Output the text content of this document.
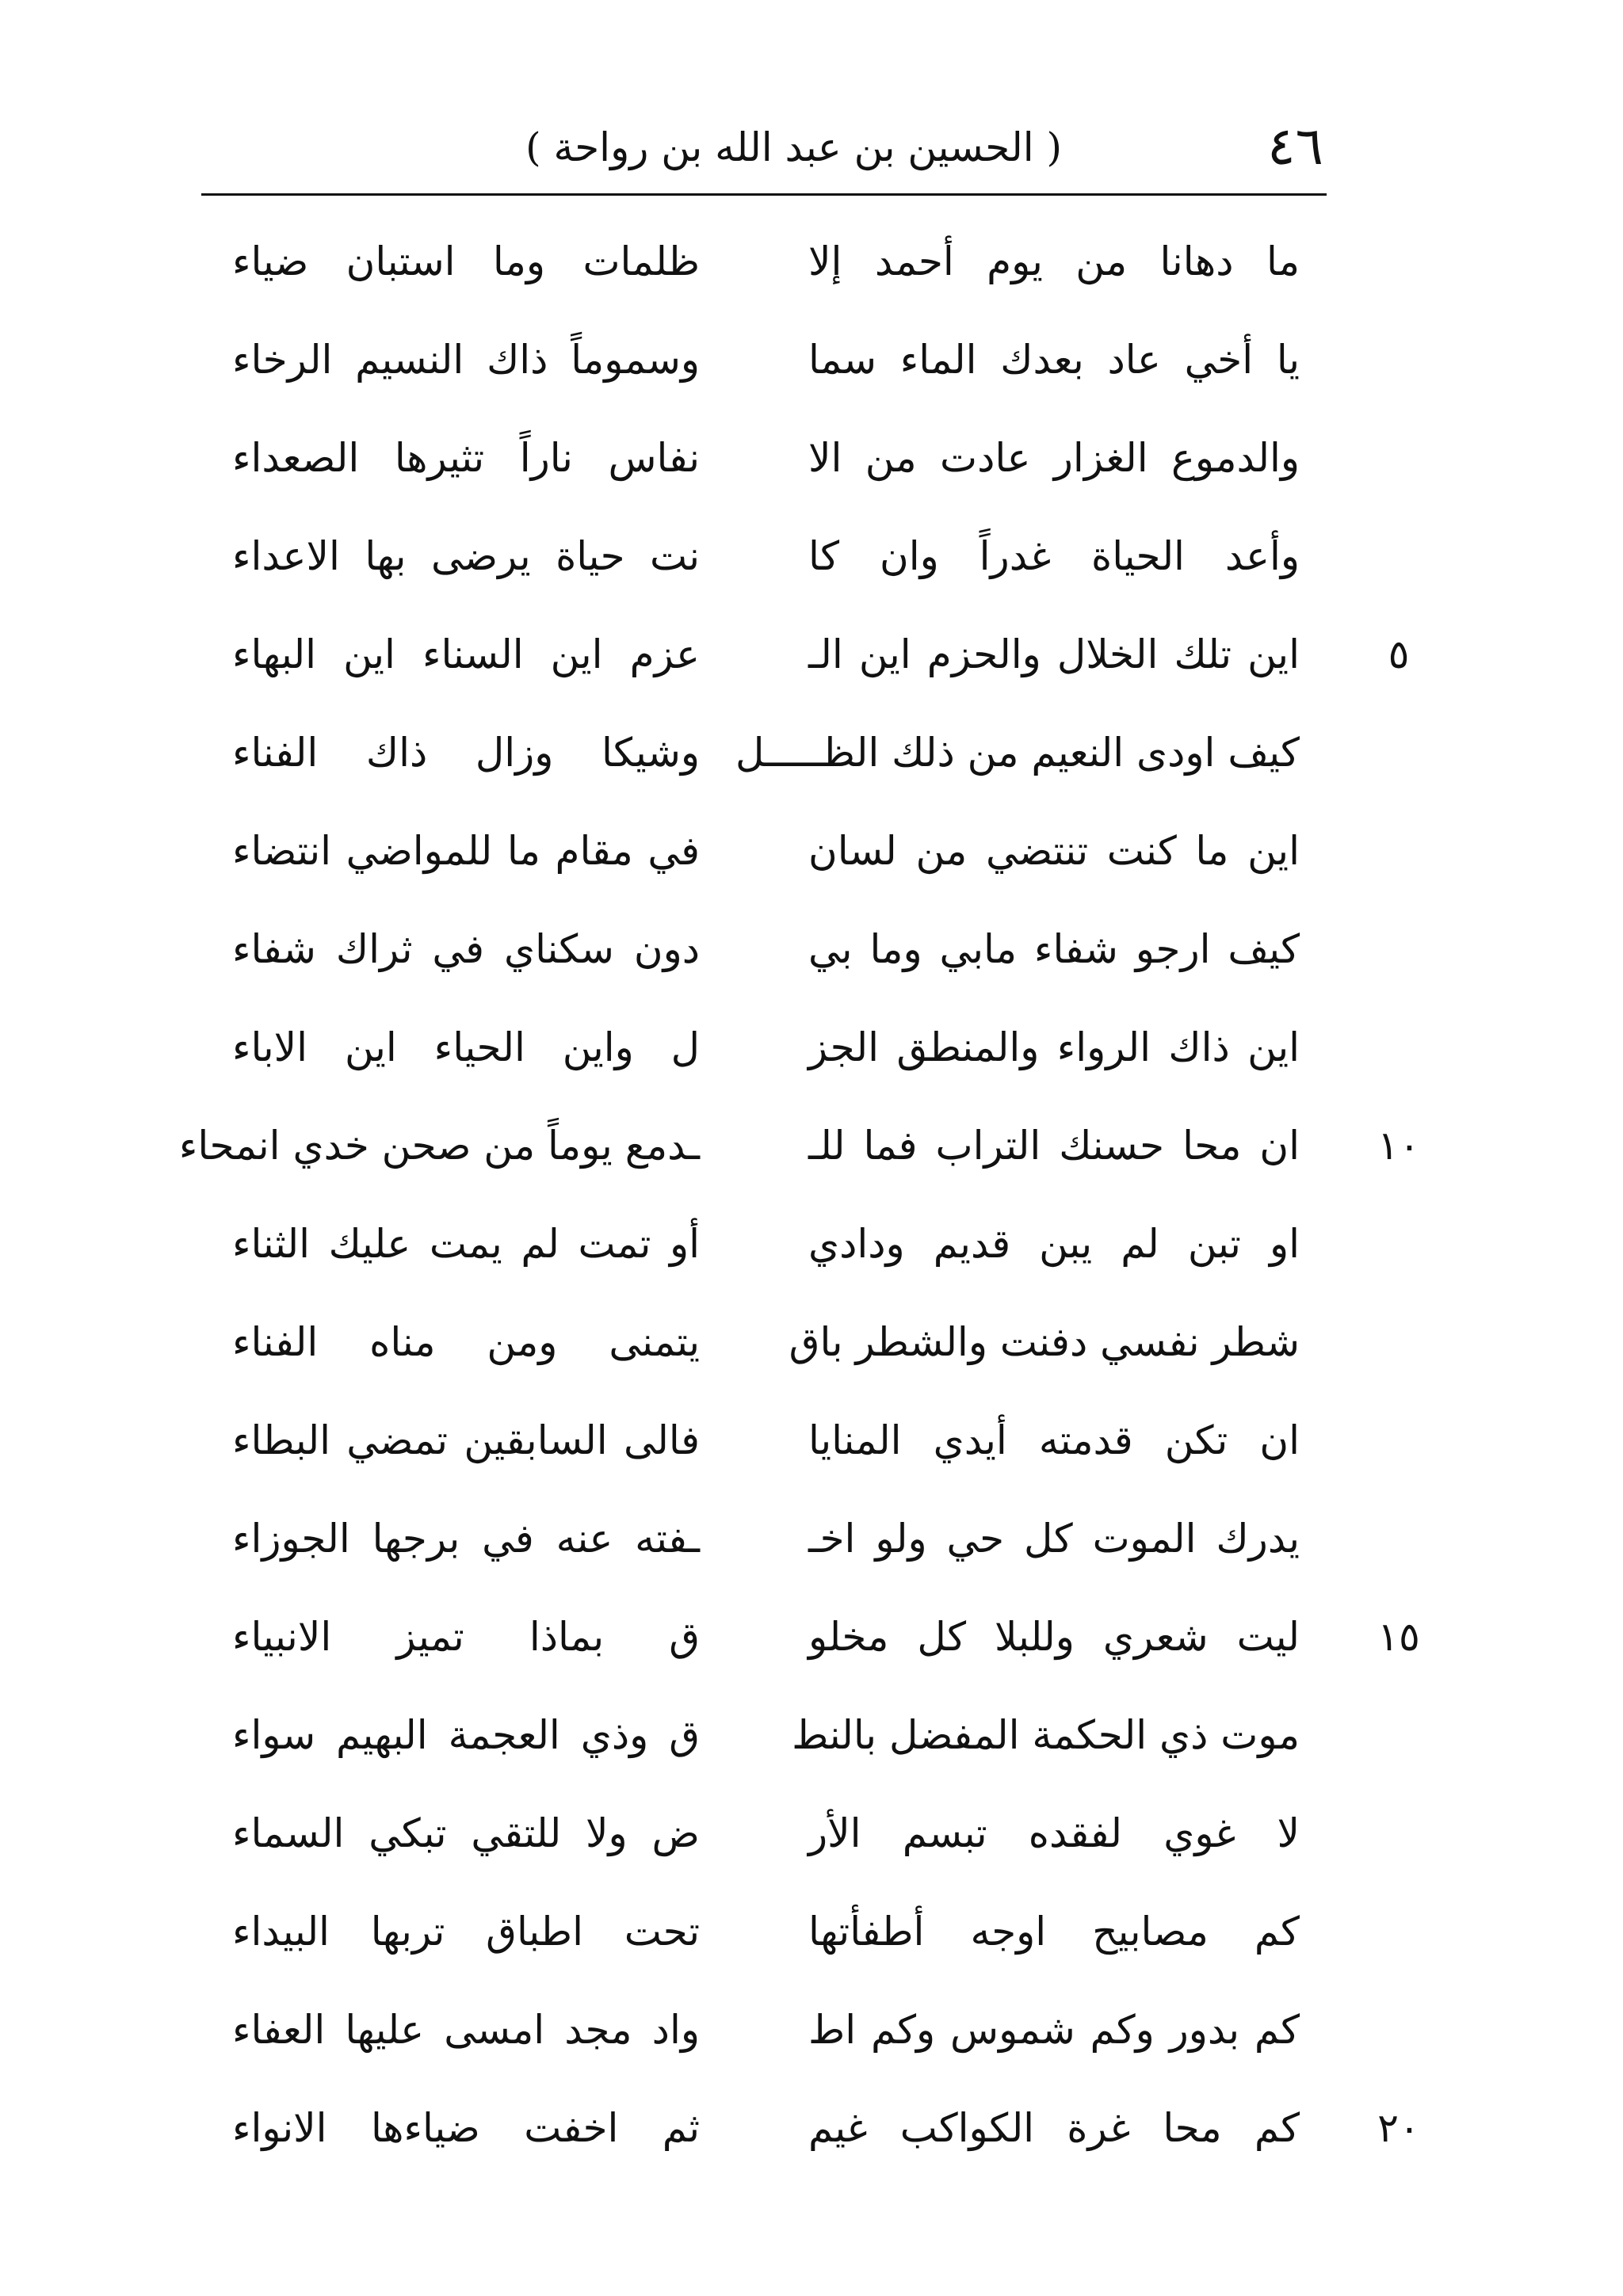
٤٦
( الحسين بن عبد الله بن رواحة )
ما دهانا من يوم أحمد إلا
ظلمات وما استبان ضياء
يا أخي عاد بعدك الماء سما
وسموماً ذاك النسيم الرخاء
والدموع الغزار عادت من الا
نفاس ناراً تثيرها الصعداء
وأعد الحياة غدراً وان كا
نت حياة يرضى بها الاعداء
اين تلك الخلال والحزم اين الـ
عزم اين السناء اين البهاء	٥
كيف اودى النعيم من ذلك الظـــــل
وشيكا وزال ذاك الفناء
اين ما كنت تنتضي من لسان
في مقام ما للمواضي انتضاء
كيف ارجو شفاء مابي وما بي
دون سكناي في ثراك شفاء
اين ذاك الرواء والمنطق الجز
ل واين الحياء اين الاباء
ان محا حسنك التراب فما للـ
ـدمع يوماً من صحن خدي انمحاء	١٠
او تبن لم يبن قديم ودادي
أو تمت لم يمت عليك الثناء
شطر نفسي دفنت والشطر باق
يتمنى ومن مناه الفناء
ان تكن قدمته أيدي المنايا
فالى السابقين تمضي البطاء
يدرك الموت كل حي ولو اخـ
ـفته عنه في برجها الجوزاء
ليت شعري وللبلا كل مخلو
ق بماذا تميز الانبياء	١٥
موت ذي الحكمة المفضل بالنط
ق وذي العجمة البهيم سواء
لا غوي لفقده تبسم الأر
ض ولا للتقي تبكي السماء
كم مصابيح اوجه أطفأتها
تحت اطباق تربها البيداء
كم بدور وكم شموس وكم اط
واد مجد امسى عليها العفاء
كم محا غرة الكواكب غيم
ثم اخفت ضياءها الانواء	٢٠
